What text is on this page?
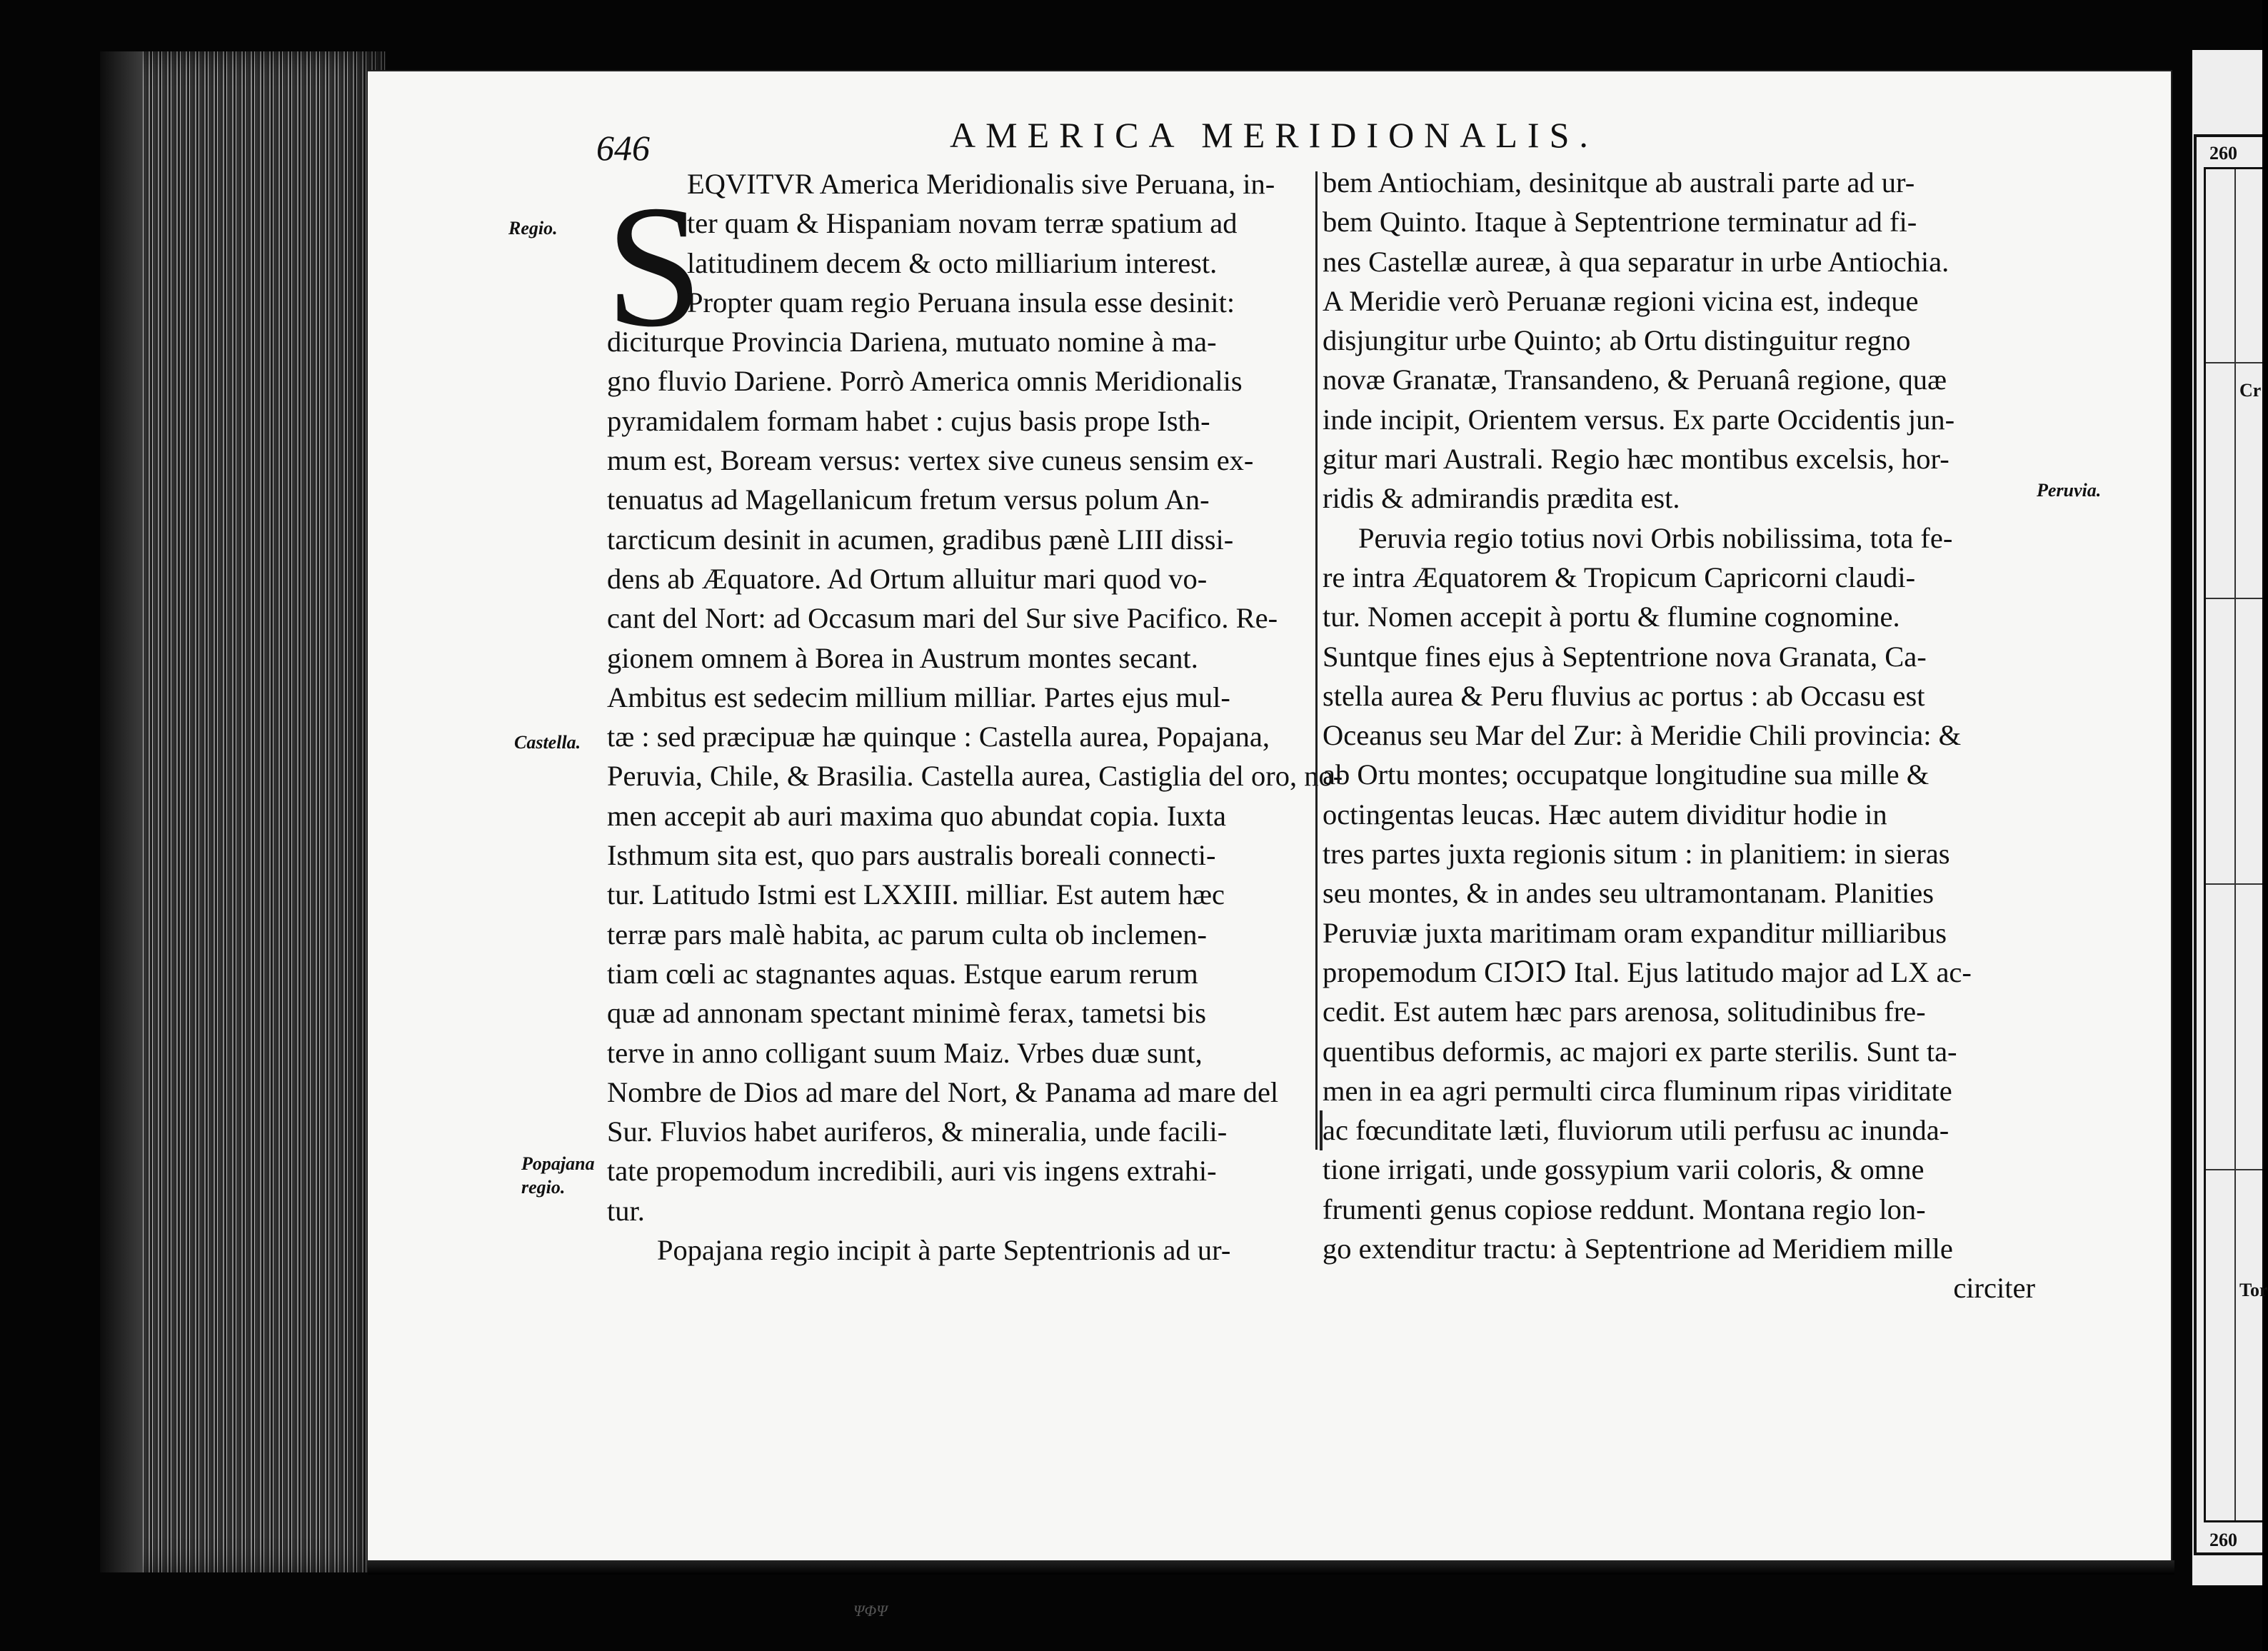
260
Cr
260
Tor
646	AMERICA MERIDIONALIS.
Regio.
Castella.
Popajana
regio.
Peruvia.
S
EQVITVR America Meridionalis sive Peruana, in-
ter quam & Hispaniam novam terræ spatium ad
latitudinem decem & octo milliarium interest.
Propter quam regio Peruana insula esse desinit:
diciturque Provincia Dariena, mutuato nomine à ma-
gno fluvio Dariene. Porrò America omnis Meridionalis
pyramidalem formam habet : cujus basis prope Isth-
mum est, Boream versus: vertex sive cuneus sensim ex-
tenuatus ad Magellanicum fretum versus polum An-
tarcticum desinit in acumen, gradibus pænè LIII dissi-
dens ab Æquatore. Ad Ortum alluitur mari quod vo-
cant del Nort: ad Occasum mari del Sur sive Pacifico. Re-
gionem omnem à Borea in Austrum montes secant.
Ambitus est sedecim millium milliar. Partes ejus mul-
tæ : sed præcipuæ hæ quinque : Castella aurea, Popajana,
Peruvia, Chile, & Brasilia. Castella aurea, Castiglia del oro, no-
men accepit ab auri maxima quo abundat copia. Iuxta
Isthmum sita est, quo pars australis boreali connecti-
tur. Latitudo Istmi est LXXIII. milliar. Est autem hæc
terræ pars malè habita, ac parum culta ob inclemen-
tiam cœli ac stagnantes aquas. Estque earum rerum
quæ ad annonam spectant minimè ferax, tametsi bis
terve in anno colligant suum Maiz. Vrbes duæ sunt,
Nombre de Dios ad mare del Nort, & Panama ad mare del
Sur. Fluvios habet auriferos, & mineralia, unde facili-
tate propemodum incredibili, auri vis ingens extrahi-
tur.
Popajana regio incipit à parte Septentrionis ad ur-
bem Antiochiam, desinitque ab australi parte ad ur-
bem Quinto. Itaque à Septentrione terminatur ad fi-
nes Castellæ aureæ, à qua separatur in urbe Antiochia.
A Meridie verò Peruanæ regioni vicina est, indeque
disjungitur urbe Quinto; ab Ortu distinguitur regno
novæ Granatæ, Transandeno, & Peruanâ regione, quæ
inde incipit, Orientem versus. Ex parte Occidentis jun-
gitur mari Australi. Regio hæc montibus excelsis, hor-
ridis & admirandis prædita est.
Peruvia regio totius novi Orbis nobilissima, tota fe-
re intra Æquatorem & Tropicum Capricorni claudi-
tur. Nomen accepit à portu & flumine cognomine.
Suntque fines ejus à Septentrione nova Granata, Ca-
stella aurea & Peru fluvius ac portus : ab Occasu est
Oceanus seu Mar del Zur: à Meridie Chili provincia: &
ab Ortu montes; occupatque longitudine sua mille &
octingentas leucas. Hæc autem dividitur hodie in
tres partes juxta regionis situm : in planitiem: in sieras
seu montes, & in andes seu ultramontanam. Planities
Peruviæ juxta maritimam oram expanditur milliaribus
propemodum CIↃIↃ Ital. Ejus latitudo major ad LX ac-
cedit. Est autem hæc pars arenosa, solitudinibus fre-
quentibus deformis, ac majori ex parte sterilis. Sunt ta-
men in ea agri permulti circa fluminum ripas viriditate
ac fœcunditate læti, fluviorum utili perfusu ac inunda-
tione irrigati, unde gossypium varii coloris, & omne
frumenti genus copiose reddunt. Montana regio lon-
go extenditur tractu: à Septentrione ad Meridiem mille
circiter
ΨΦΨ
